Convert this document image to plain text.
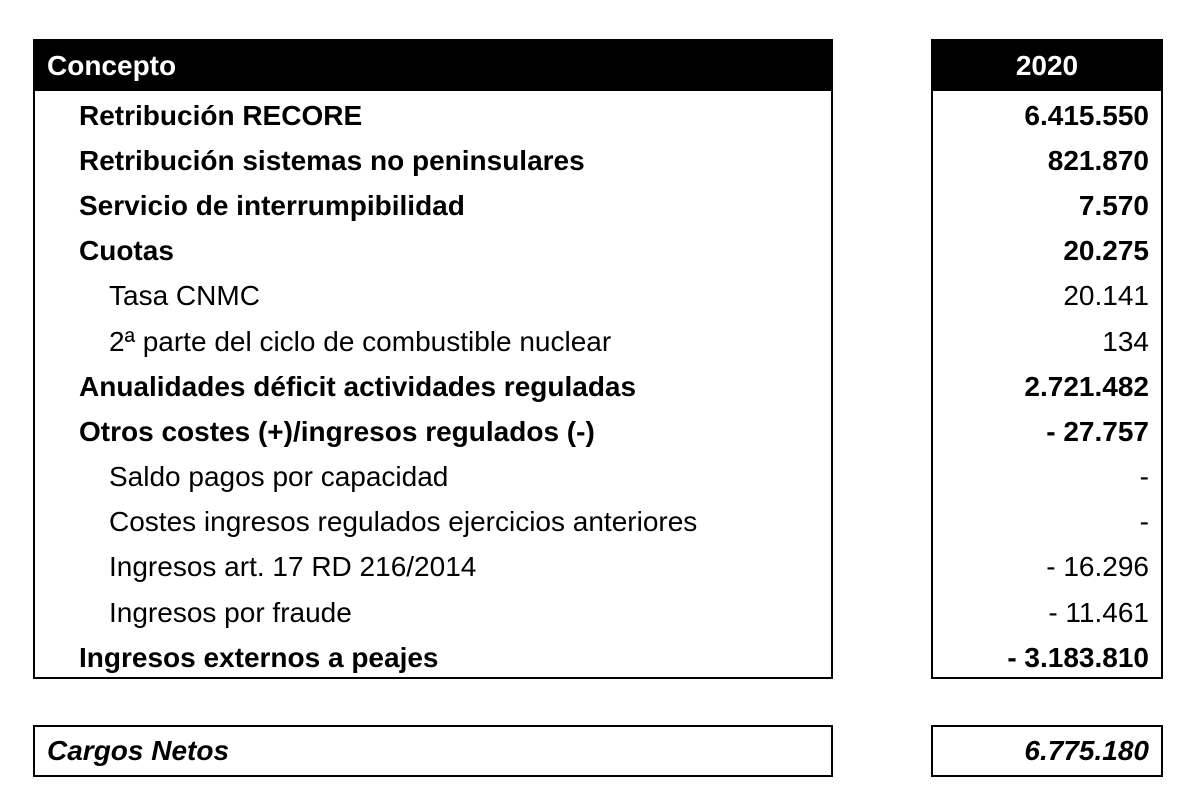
Concepto
Retribución RECORE
Retribución sistemas no peninsulares
Servicio de interrumpibilidad
Cuotas
Tasa CNMC
2ª parte del ciclo de combustible nuclear
Anualidades déficit actividades reguladas
Otros costes (+)/ingresos regulados (-)
Saldo pagos por capacidad
Costes ingresos regulados ejercicios anteriores
Ingresos art. 17 RD 216/2014
Ingresos por fraude
Ingresos externos a peajes
2020
6.415.550
821.870
7.570
20.275
20.141
134
2.721.482
- 27.757
-
-
- 16.296
- 11.461
- 3.183.810
Cargos Netos	6.775.180
